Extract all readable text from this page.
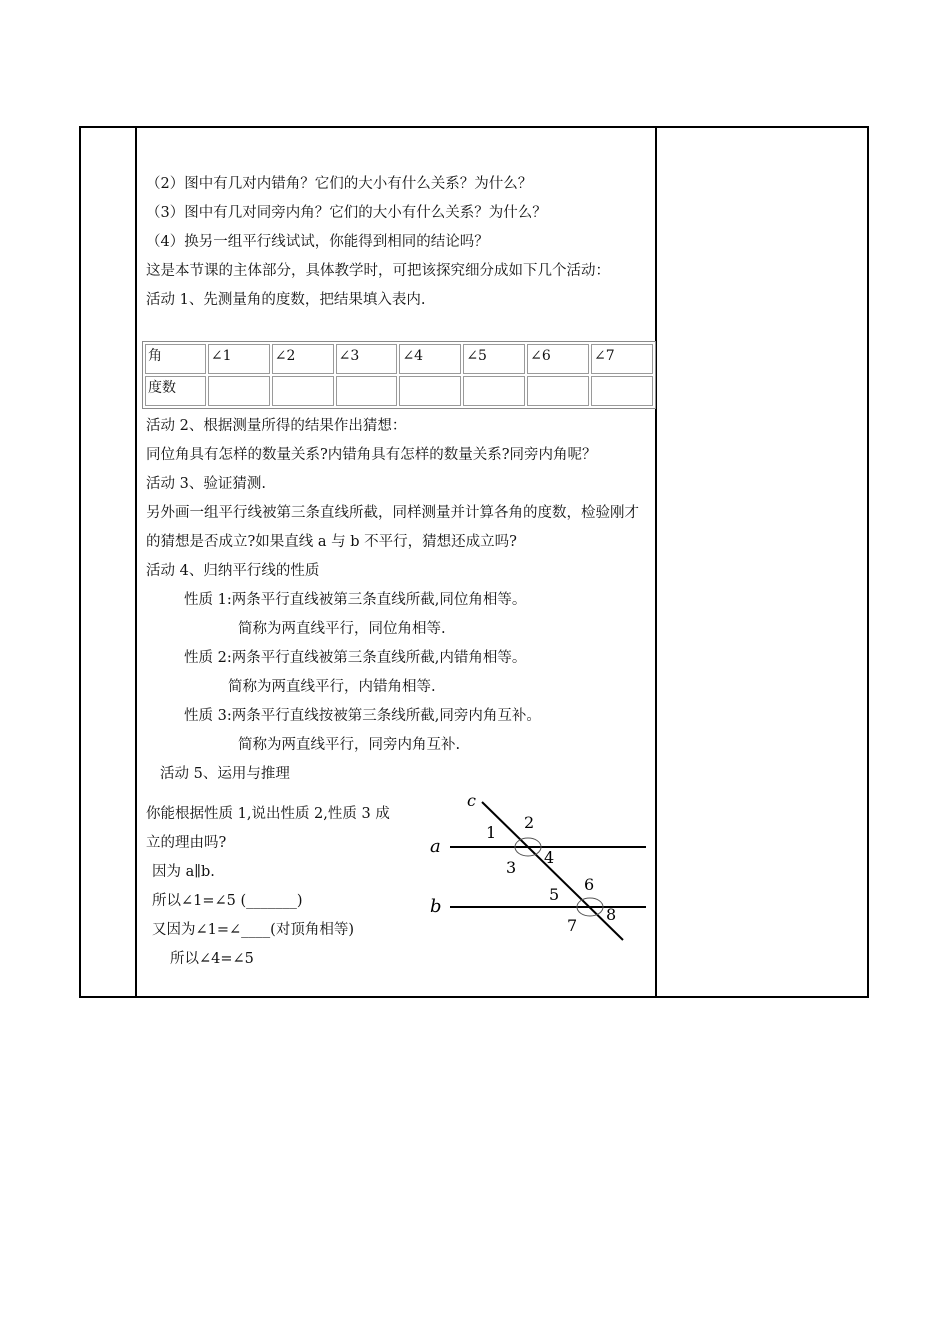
（2）图中有几对内错角？它们的大小有什么关系？为什么？
（3）图中有几对同旁内角？它们的大小有什么关系？为什么？
（4）换另一组平行线试试，你能得到相同的结论吗？
这是本节课的主体部分，具体教学时，可把该探究细分成如下几个活动：
活动 1、先测量角的度数，把结果填入表内.
角	∠1	∠2	∠3	∠4	∠5	∠6	∠7
度数							
活动 2、根据测量所得的结果作出猜想：
同位角具有怎样的数量关系?内错角具有怎样的数量关系?同旁内角呢？
活动 3、验证猜测.
另外画一组平行线被第三条直线所截，同样测量并计算各角的度数，检验刚才的猜想是否成立?如果直线 a 与 b 不平行，猜想还成立吗?
活动 4、归纳平行线的性质
性质 1:两条平行直线被第三条直线所截,同位角相等。
简称为两直线平行，同位角相等.
性质 2:两条平行直线被第三条直线所截,内错角相等。
简称为两直线平行，内错角相等.
性质 3:两条平行直线按被第三条线所截,同旁内角互补。
简称为两直线平行，同旁内角互补.
活动 5、运用与推理
你能根据性质 1,说出性质 2,性质 3 成立的理由吗?
因为 a∥b.
所以∠1=∠5 (_______)
又因为∠1=∠____(对顶角相等)
所以∠4=∠5
c
a
b
1
2
3
4
5
6
7
8
